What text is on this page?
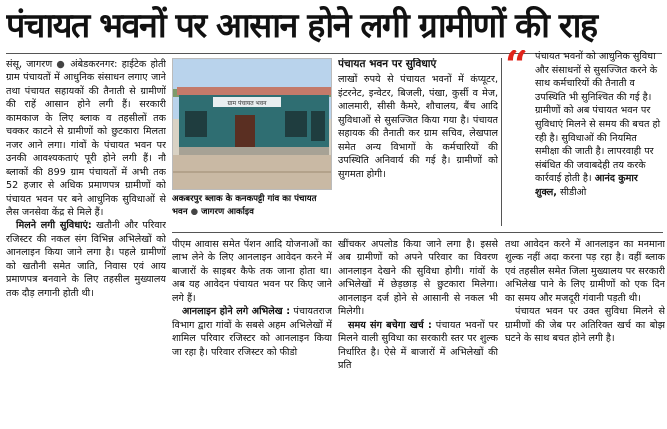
पंचायत भवनों पर आसान होने लगी ग्रामीणों की राह

संसू, जागरण ● अंबेडकरनगर: हाईटेक होती ग्राम पंचायतों में आधुनिक संसाधन लगाए जाने तथा पंचायत सहायकों की तैनाती से ग्रामीणों की राहें आसान होने लगी हैं। सरकारी कामकाज के लिए ब्लाक व तहसीलों तक चक्कर काटने से ग्रामीणों को छुटकारा मिलता नजर आने लगा। गांवों के पंचायत भवन पर उनकी आवश्यकताएं पूरी होने लगी हैं। नौ ब्लाकों की 899 ग्राम पंचायतों में अभी तक 52 हजार से अधिक प्रमाणपत्र ग्रामीणों को पंचायत भवन पर बने आधुनिक सुविधाओं से लैस जनसेवा केंद्र से मिले हैं।

मिलने लगी सुविधाएं: खतौनी और परिवार रजिस्टर की नकल संग विभिन्न अभिलेखों को आनलाइन किया जाने लगा है। पहले ग्रामीणों को खतौनी समेत जाति, निवास एवं आय प्रमाणपत्र बनवाने के लिए तहसील मुख्यालय तक दौड़ लगानी होती थी।

ग्राम पंचायत भवन
अकबरपुर ब्लाक के कनकपट्टी गांव का पंचायत भवन ● जागरण आर्काइव
पंचायत भवन पर सुविधाएं

लाखों रुपये से पंचायत भवनों में कंप्यूटर, इंटरनेट, इन्वेटर, बिजली, पंखा, कुर्सी व मेज, आलमारी, सीसी कैमरे, शौचालय, बैंच आदि सुविधाओं से सुसज्जित किया गया है। पंचायत सहायक की तैनाती कर ग्राम सचिव, लेखपाल समेत अन्य विभागों के कर्मचारियों की उपस्थिति अनिवार्य की गई है। ग्रामीणों को सुगमता होगी।

“ पंचायत भवनों को आधुनिक सुविधा और संसाधनों से सुसज्जित करने के साथ कर्मचारियों की तैनाती व उपस्थिति भी सुनिश्चित की गई है। ग्रामीणों को अब पंचायत भवन पर सुविधाएं मिलने से समय की बचत हो रही है। सुविधाओं की नियमित समीक्षा की जाती है। लापरवाही पर संबंधित की जवाबदेही तय करके कार्रवाई होती है। आनंद कुमार शुक्ल, सीडीओ

पीएम आवास समेत पेंशन आदि योजनाओं का लाभ लेने के लिए आनलाइन आवेदन करने में बाजारों के साइबर कैफे तक जाना होता था। अब यह आवेदन पंचायत भवन पर किए जाने लगे हैं।

आनलाइन होने लगे अभिलेख : पंचायतराज विभाग द्वारा गांवों के सबसे अहम अभिलेखों में शामिल परिवार रजिस्टर को आनलाइन किया जा रहा है। परिवार रजिस्टर को फीडो

खींचकर अपलोड किया जाने लगा है। इससे अब ग्रामीणों को अपने परिवार का विवरण आनलाइन देखने की सुविधा होगी। गांवों के अभिलेखों में छेड़छाड़ से छुटकारा मिलेगा। आनलाइन दर्ज होने से आसानी से नकल भी मिलेगी।

समय संग बचेगा खर्च : पंचायत भवनों पर मिलने वाली सुविधा का सरकारी स्तर पर शुल्क निर्धारित है। ऐसे में बाजारों में अभिलेखों की प्रति

तथा आवेदन करने में आनलाइन का मनमाना शुल्क नहीं अदा करना पड़ रहा है। वहीं ब्लाक एवं तहसील समेत जिला मुख्यालय पर सरकारी अभिलेख पाने के लिए ग्रामीणों को एक दिन का समय और मजदूरी गंवानी पड़ती थी।

पंचायत भवन पर उक्त सुविधा मिलने से ग्रामीणों की जेब पर अतिरिक्त खर्च का बोझ घटने के साथ बचत होने लगी है।
